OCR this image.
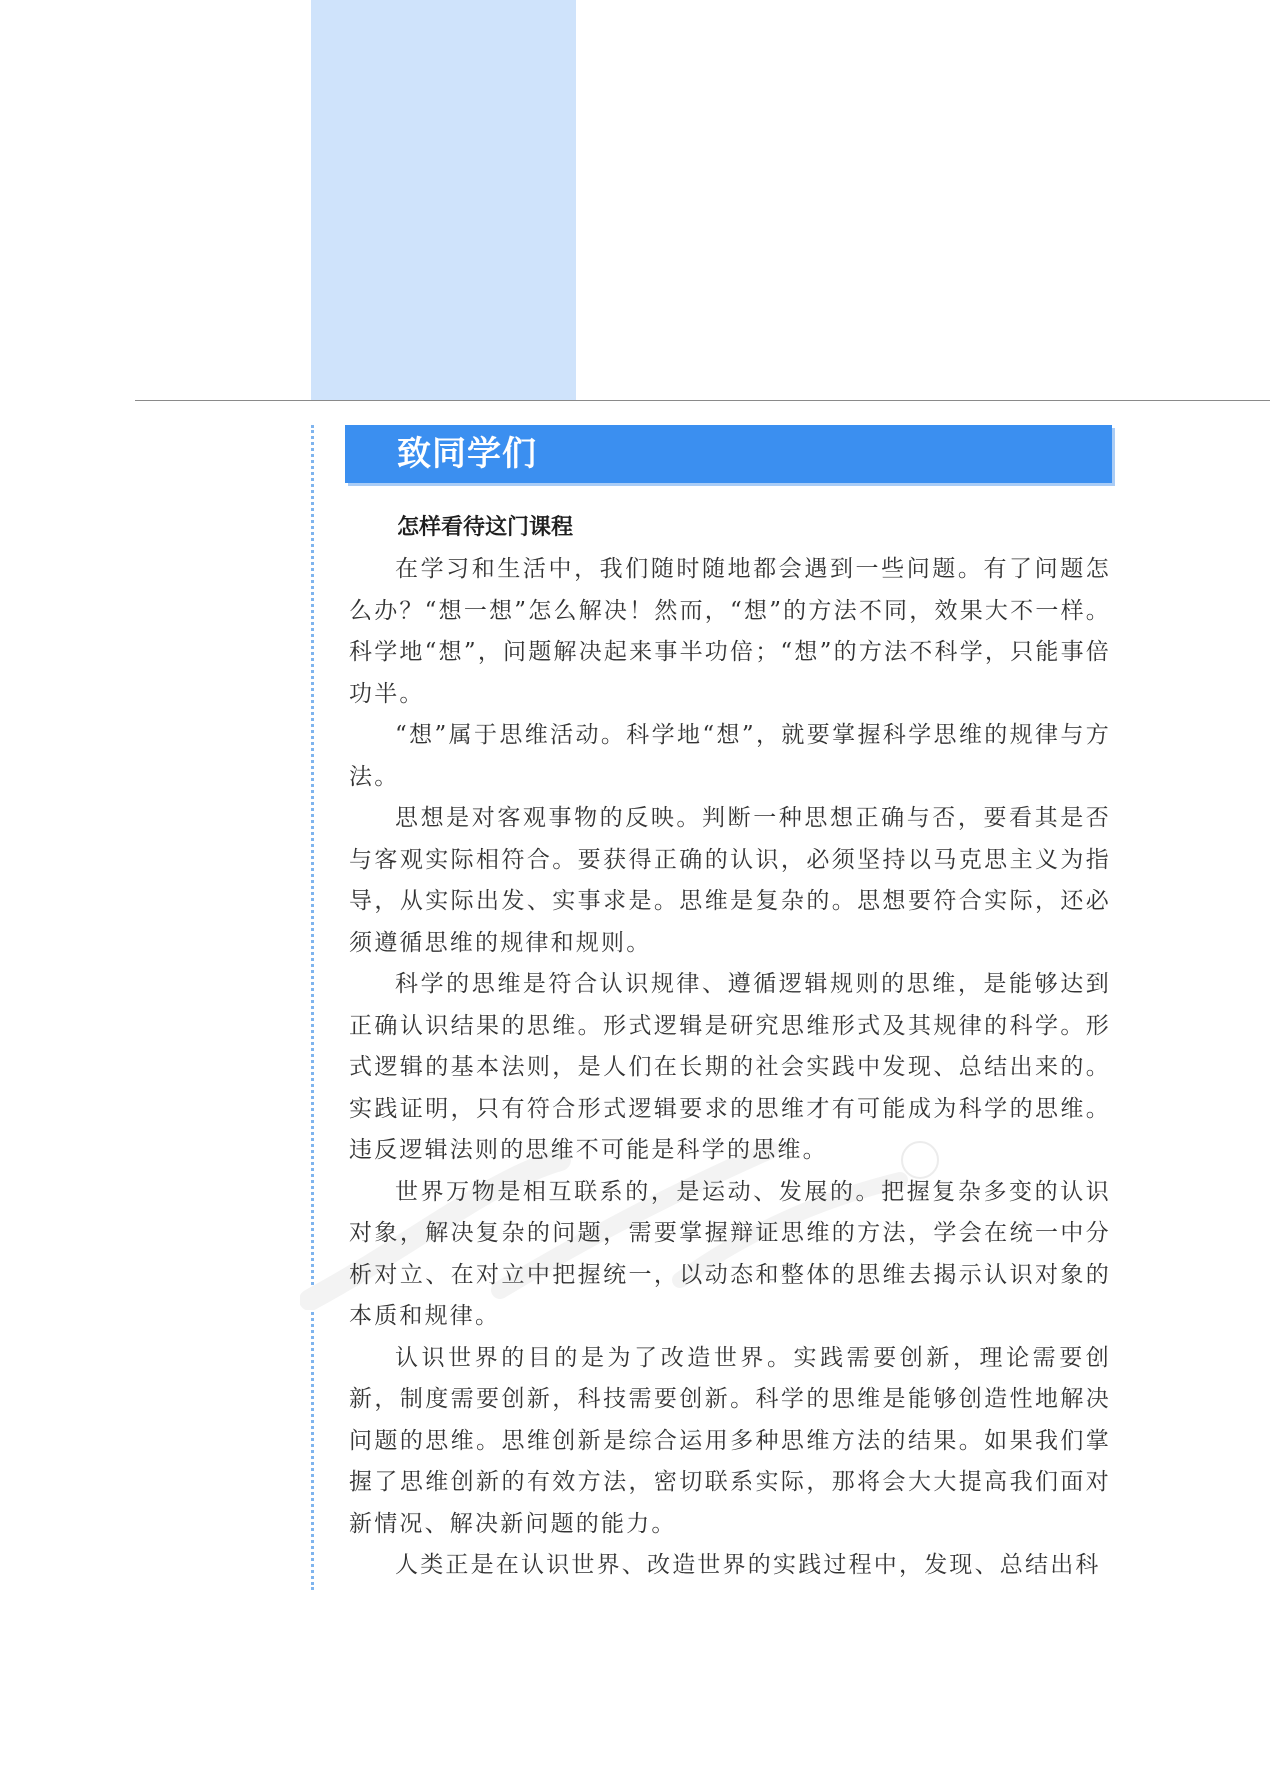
致同学们
怎样看待这门课程

在学习和生活中，我们随时随地都会遇到一些问题。有了问题怎么办？“想一想”怎么解决！然而，“想”的方法不同，效果大不一样。科学地“想”，问题解决起来事半功倍；“想”的方法不科学，只能事倍功半。

“想”属于思维活动。科学地“想”，就要掌握科学思维的规律与方法。

思想是对客观事物的反映。判断一种思想正确与否，要看其是否与客观实际相符合。要获得正确的认识，必须坚持以马克思主义为指导，从实际出发、实事求是。思维是复杂的。思想要符合实际，还必须遵循思维的规律和规则。

科学的思维是符合认识规律、遵循逻辑规则的思维，是能够达到正确认识结果的思维。形式逻辑是研究思维形式及其规律的科学。形式逻辑的基本法则，是人们在长期的社会实践中发现、总结出来的。实践证明，只有符合形式逻辑要求的思维才有可能成为科学的思维。违反逻辑法则的思维不可能是科学的思维。

世界万物是相互联系的，是运动、发展的。把握复杂多变的认识对象，解决复杂的问题，需要掌握辩证思维的方法，学会在统一中分析对立、在对立中把握统一，以动态和整体的思维去揭示认识对象的本质和规律。

认识世界的目的是为了改造世界。实践需要创新，理论需要创新，制度需要创新，科技需要创新。科学的思维是能够创造性地解决问题的思维。思维创新是综合运用多种思维方法的结果。如果我们掌握了思维创新的有效方法，密切联系实际，那将会大大提高我们面对新情况、解决新问题的能力。

人类正是在认识世界、改造世界的实践过程中，发现、总结出科
